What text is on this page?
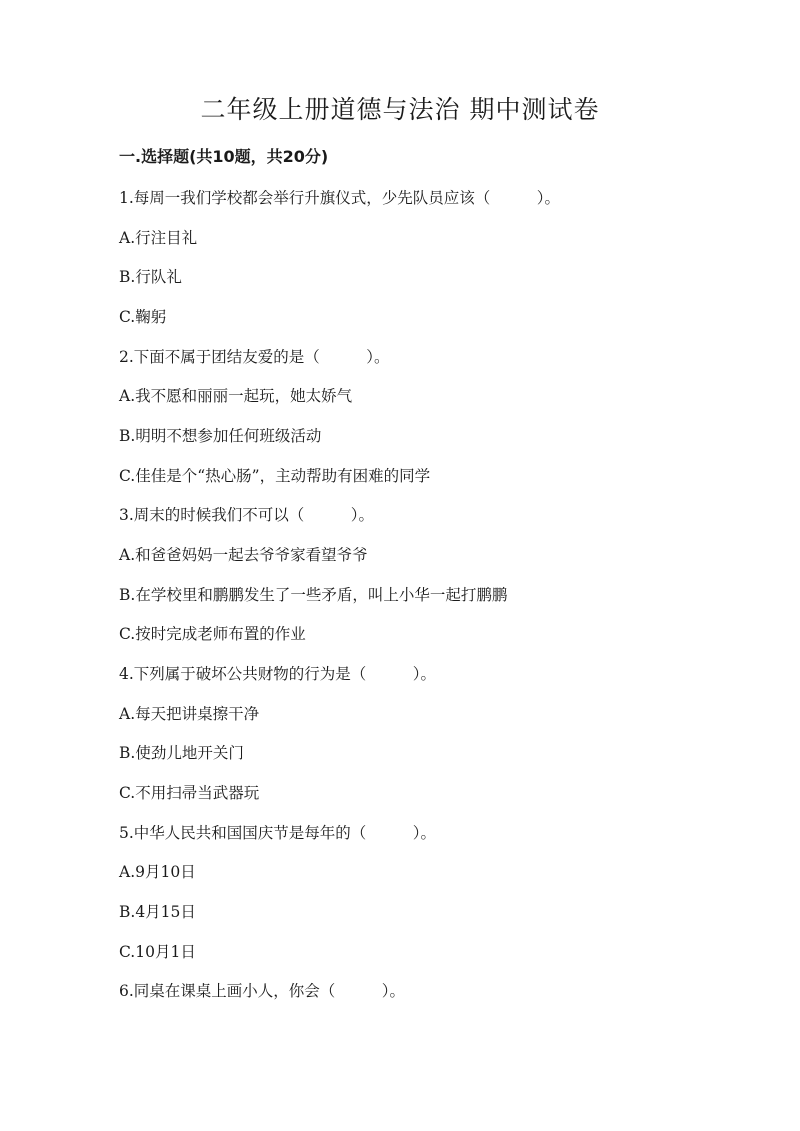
二年级上册道德与法治 期中测试卷
一.选择题(共10题，共20分)
1.每周一我们学校都会举行升旗仪式，少先队员应该（　　　）。
A.行注目礼
B.行队礼
C.鞠躬
2.下面不属于团结友爱的是（　　　）。
A.我不愿和丽丽一起玩，她太娇气
B.明明不想参加任何班级活动
C.佳佳是个“热心肠”，主动帮助有困难的同学
3.周末的时候我们不可以（　　　）。
A.和爸爸妈妈一起去爷爷家看望爷爷
B.在学校里和鹏鹏发生了一些矛盾，叫上小华一起打鹏鹏
C.按时完成老师布置的作业
4.下列属于破坏公共财物的行为是（　　　）。
A.每天把讲桌擦干净
B.使劲儿地开关门
C.不用扫帚当武器玩
5.中华人民共和国国庆节是每年的（　　　）。
A.9月10日
B.4月15日
C.10月1日
6.同桌在课桌上画小人，你会（　　　）。
